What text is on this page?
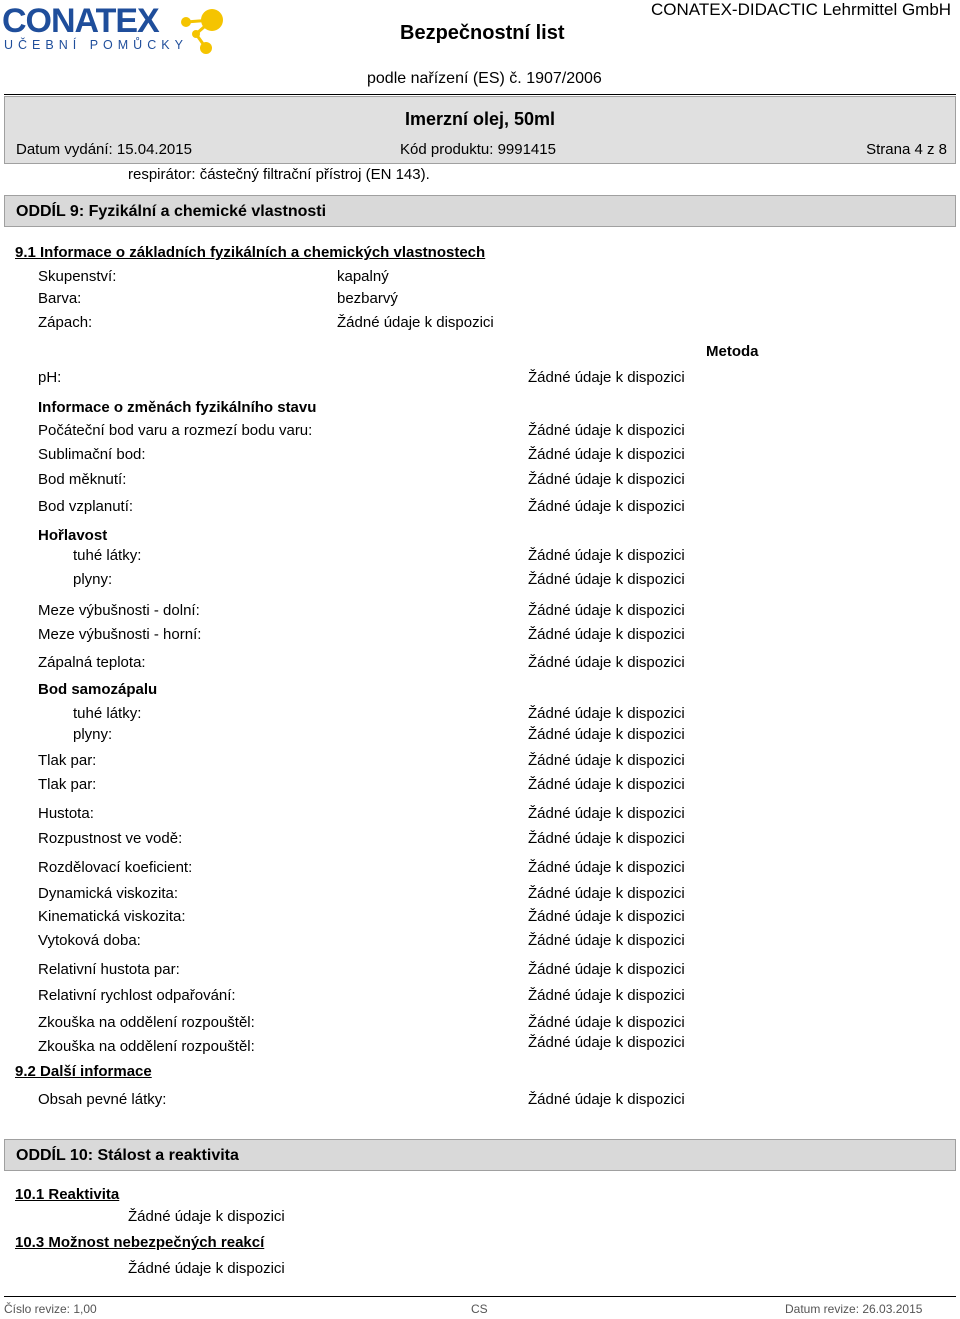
CONATEX
UČEBNÍ POMŮCKY
Bezpečnostní list
CONATEX-DIDACTIC Lehrmittel GmbH
podle nařízení (ES) č. 1907/2006
Imerzní olej, 50ml
Datum vydání: 15.04.2015	Kód produktu: 9991415	Strana 4 z 8
respirátor: částečný filtrační přístroj (EN 143).
ODDÍL 9: Fyzikální a chemické vlastnosti
9.1 Informace o základních fyzikálních a chemických vlastnostech
Skupenství:	kapalný
Barva:	bezbarvý
Zápach:	Žádné údaje k dispozici
Metoda
pH:	Žádné údaje k dispozici
Informace o změnách fyzikálního stavu
Počáteční bod varu a rozmezí bodu varu:	Žádné údaje k dispozici
Sublimační bod:	Žádné údaje k dispozici
Bod měknutí:	Žádné údaje k dispozici
Bod vzplanutí:	Žádné údaje k dispozici
Hořlavost
tuhé látky:	Žádné údaje k dispozici
plyny:	Žádné údaje k dispozici
Meze výbušnosti - dolní:	Žádné údaje k dispozici
Meze výbušnosti - horní:	Žádné údaje k dispozici
Zápalná teplota:	Žádné údaje k dispozici
Bod samozápalu
tuhé látky:	Žádné údaje k dispozici
plyny:	Žádné údaje k dispozici
Tlak par:	Žádné údaje k dispozici
Tlak par:	Žádné údaje k dispozici
Hustota:	Žádné údaje k dispozici
Rozpustnost ve vodě:	Žádné údaje k dispozici
Rozdělovací koeficient:	Žádné údaje k dispozici
Dynamická viskozita:	Žádné údaje k dispozici
Kinematická viskozita:	Žádné údaje k dispozici
Vytoková doba:	Žádné údaje k dispozici
Relativní hustota par:	Žádné údaje k dispozici
Relativní rychlost odpařování:	Žádné údaje k dispozici
Zkouška na oddělení rozpouštěl:	Žádné údaje k dispozici
Zkouška na oddělení rozpouštěl:	Žádné údaje k dispozici
9.2 Další informace
Obsah pevné látky:	Žádné údaje k dispozici
ODDÍL 10: Stálost a reaktivita
10.1 Reaktivita
Žádné údaje k dispozici
10.3 Možnost nebezpečných reakcí
Žádné údaje k dispozici
Číslo revize: 1,00	CS	Datum revize: 26.03.2015
